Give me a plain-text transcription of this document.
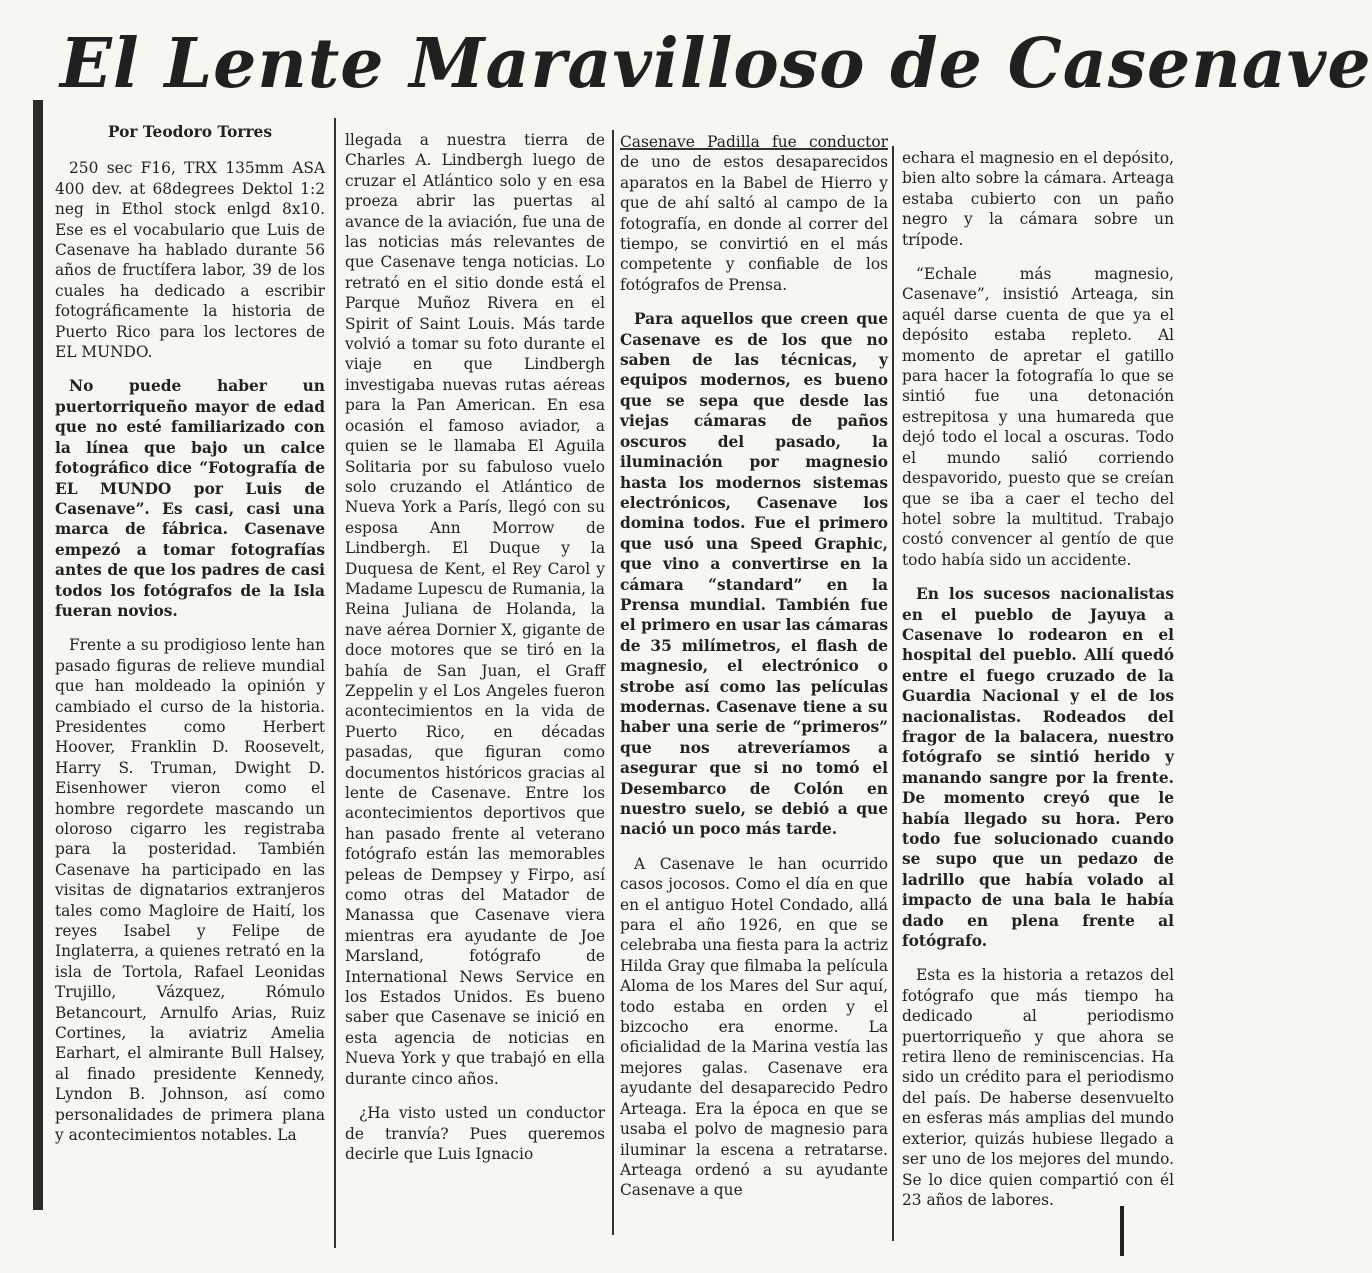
El Lente Maravilloso de Casenave

Por Teodoro Torres

250 sec F16, TRX 135mm ASA 400 dev. at 68degrees Dektol 1:2 neg in Ethol stock enlgd 8x10. Ese es el vocabulario que Luis de Casenave ha hablado durante 56 años de fructífera labor, 39 de los cuales ha dedicado a escribir fotográficamente la historia de Puerto Rico para los lectores de EL MUNDO.

No puede haber un puertorriqueño mayor de edad que no esté familiarizado con la línea que bajo un calce fotográfico dice “Fotografía de EL MUNDO por Luis de Casenave”. Es casi, casi una marca de fábrica. Casenave empezó a tomar fotografías antes de que los padres de casi todos los fotógrafos de la Isla fueran novios.

Frente a su prodigioso lente han pasado figuras de relieve mundial que han moldeado la opinión y cambiado el curso de la historia. Presidentes como Herbert Hoover, Franklin D. Roosevelt, Harry S. Truman, Dwight D. Eisenhower vieron como el hombre regordete mascando un oloroso cigarro les registraba para la posteridad. También Casenave ha participado en las visitas de dignatarios extranjeros tales como Magloire de Haití, los reyes Isabel y Felipe de Inglaterra, a quienes retrató en la isla de Tortola, Rafael Leonidas Trujillo, Vázquez, Rómulo Betancourt, Arnulfo Arias, Ruiz Cortines, la aviatriz Amelia Earhart, el almirante Bull Halsey, al finado presidente Kennedy, Lyndon B. Johnson, así como personalidades de primera plana y acontecimientos notables. La

llegada a nuestra tierra de Charles A. Lindbergh luego de cruzar el Atlántico solo y en esa proeza abrir las puertas al avance de la aviación, fue una de las noticias más relevantes de que Casenave tenga noticias. Lo retrató en el sitio donde está el Parque Muñoz Rivera en el Spirit of Saint Louis. Más tarde volvió a tomar su foto durante el viaje en que Lindbergh investigaba nuevas rutas aéreas para la Pan American. En esa ocasión el famoso aviador, a quien se le llamaba El Aguila Solitaria por su fabuloso vuelo solo cruzando el Atlántico de Nueva York a París, llegó con su esposa Ann Morrow de Lindbergh. El Duque y la Duquesa de Kent, el Rey Carol y Madame Lupescu de Rumania, la Reina Juliana de Holanda, la nave aérea Dornier X, gigante de doce motores que se tiró en la bahía de San Juan, el Graff Zeppelin y el Los Angeles fueron acontecimientos en la vida de Puerto Rico, en décadas pasadas, que figuran como documentos históricos gracias al lente de Casenave. Entre los acontecimientos deportivos que han pasado frente al veterano fotógrafo están las memorables peleas de Dempsey y Firpo, así como otras del Matador de Manassa que Casenave viera mientras era ayudante de Joe Marsland, fotógrafo de International News Service en los Estados Unidos. Es bueno saber que Casenave se inició en esta agencia de noticias en Nueva York y que trabajó en ella durante cinco años.

¿Ha visto usted un conductor de tranvía? Pues queremos decirle que Luis Ignacio

Casenave Padilla fue conductor de uno de estos desaparecidos aparatos en la Babel de Hierro y que de ahí saltó al campo de la fotografía, en donde al correr del tiempo, se convirtió en el más competente y confiable de los fotógrafos de Prensa.

Para aquellos que creen que Casenave es de los que no saben de las técnicas, y equipos modernos, es bueno que se sepa que desde las viejas cámaras de paños oscuros del pasado, la iluminación por magnesio hasta los modernos sistemas electrónicos, Casenave los domina todos. Fue el primero que usó una Speed Graphic, que vino a convertirse en la cámara “standard” en la Prensa mundial. También fue el primero en usar las cámaras de 35 milímetros, el flash de magnesio, el electrónico o strobe así como las películas modernas. Casenave tiene a su haber una serie de “primeros” que nos atreveríamos a asegurar que si no tomó el Desembarco de Colón en nuestro suelo, se debió a que nació un poco más tarde.

A Casenave le han ocurrido casos jocosos. Como el día en que en el antiguo Hotel Condado, allá para el año 1926, en que se celebraba una fiesta para la actriz Hilda Gray que filmaba la película Aloma de los Mares del Sur aquí, todo estaba en orden y el bizcocho era enorme. La oficialidad de la Marina vestía las mejores galas. Casenave era ayudante del desaparecido Pedro Arteaga. Era la época en que se usaba el polvo de magnesio para iluminar la escena a retratarse. Arteaga ordenó a su ayudante Casenave a que

echara el magnesio en el depósito, bien alto sobre la cámara. Arteaga estaba cubierto con un paño negro y la cámara sobre un trípode.

“Echale más magnesio, Casenave”, insistió Arteaga, sin aquél darse cuenta de que ya el depósito estaba repleto. Al momento de apretar el gatillo para hacer la fotografía lo que se sintió fue una detonación estrepitosa y una humareda que dejó todo el local a oscuras. Todo el mundo salió corriendo despavorido, puesto que se creían que se iba a caer el techo del hotel sobre la multitud. Trabajo costó convencer al gentío de que todo había sido un accidente.

En los sucesos nacionalistas en el pueblo de Jayuya a Casenave lo rodearon en el hospital del pueblo. Allí quedó entre el fuego cruzado de la Guardia Nacional y el de los nacionalistas. Rodeados del fragor de la balacera, nuestro fotógrafo se sintió herido y manando sangre por la frente. De momento creyó que le había llegado su hora. Pero todo fue solucionado cuando se supo que un pedazo de ladrillo que había volado al impacto de una bala le había dado en plena frente al fotógrafo.

Esta es la historia a retazos del fotógrafo que más tiempo ha dedicado al periodismo puertorriqueño y que ahora se retira lleno de reminiscencias. Ha sido un crédito para el periodismo del país. De haberse desenvuelto en esferas más amplias del mundo exterior, quizás hubiese llegado a ser uno de los mejores del mundo. Se lo dice quien compartió con él 23 años de labores.
